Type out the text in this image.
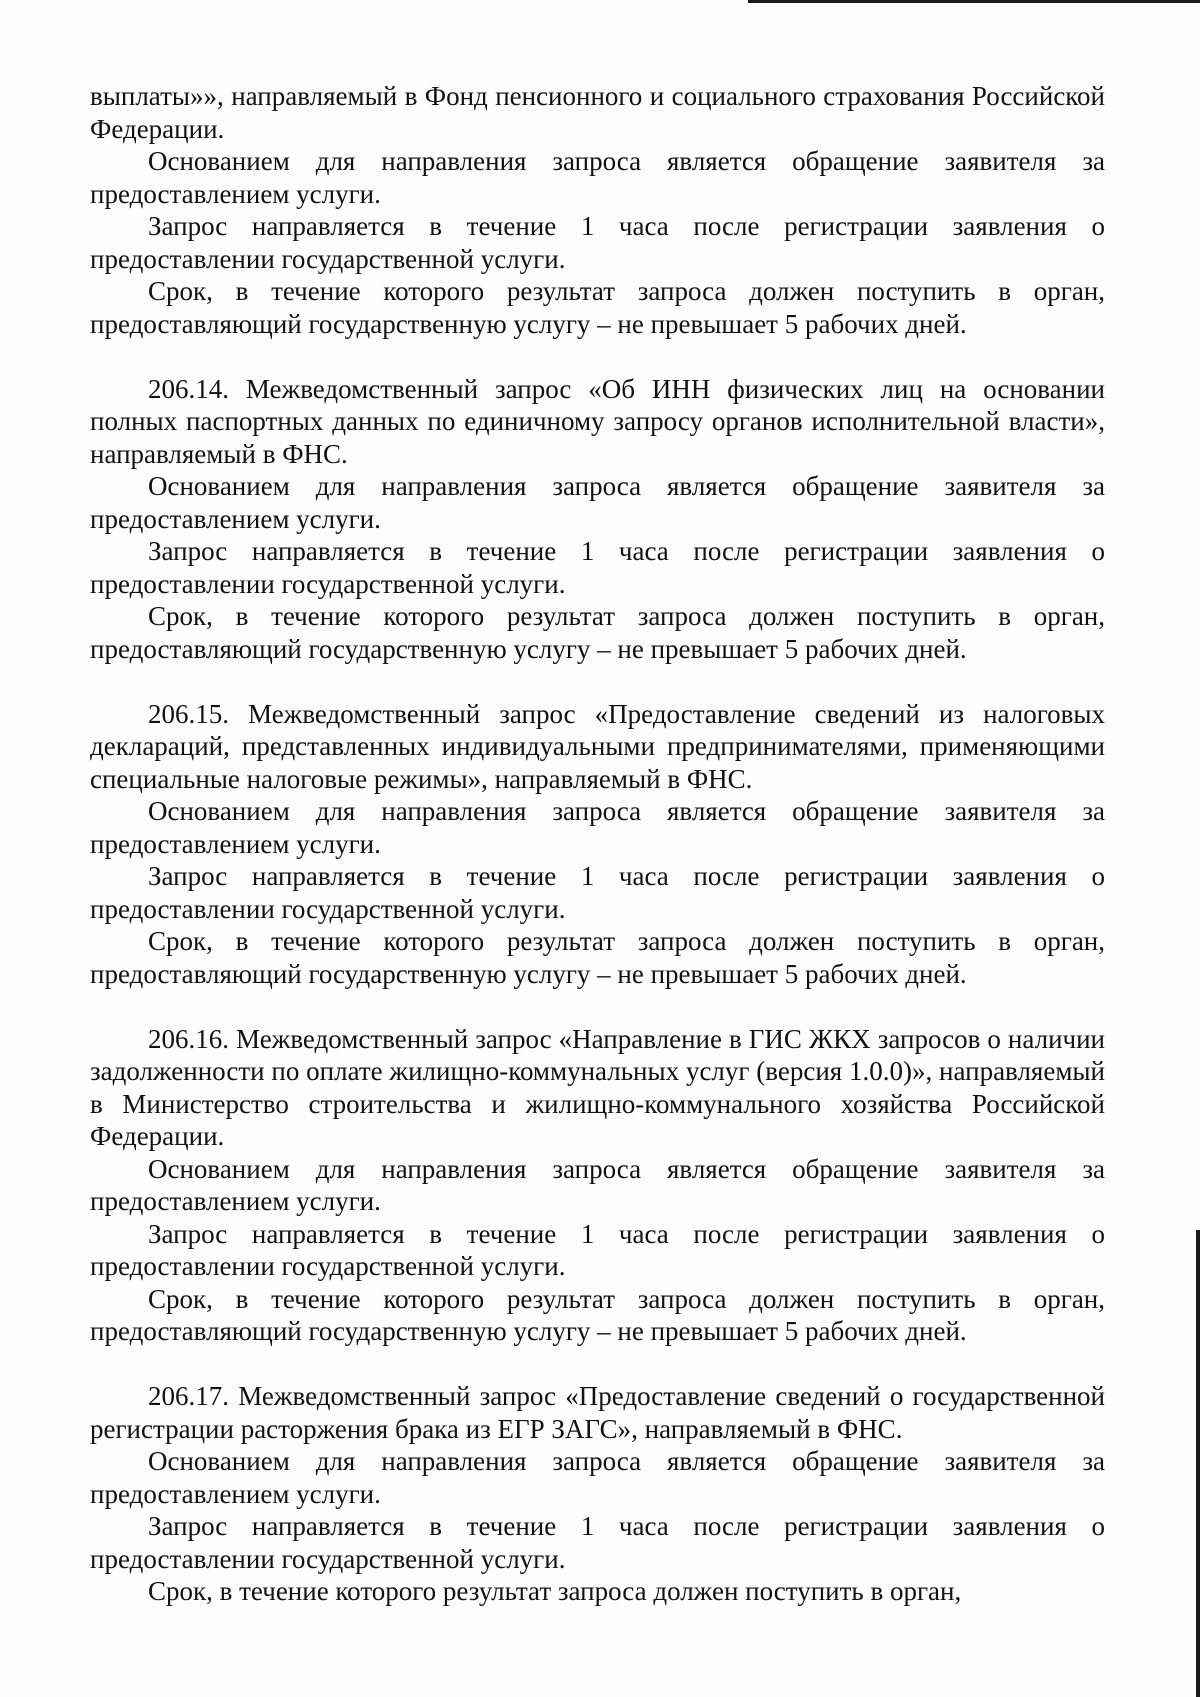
выплаты»», направляемый в Фонд пенсионного и социального страхования Российской Федерации.

Основанием для направления запроса является обращение заявителя за предоставлением услуги.

Запрос направляется в течение 1 часа после регистрации заявления о предоставлении государственной услуги.

Срок, в течение которого результат запроса должен поступить в орган, предоставляющий государственную услугу – не превышает 5 рабочих дней.

206.14. Межведомственный запрос «Об ИНН физических лиц на основании полных паспортных данных по единичному запросу органов исполнительной власти», направляемый в ФНС.

Основанием для направления запроса является обращение заявителя за предоставлением услуги.

Запрос направляется в течение 1 часа после регистрации заявления о предоставлении государственной услуги.

Срок, в течение которого результат запроса должен поступить в орган, предоставляющий государственную услугу – не превышает 5 рабочих дней.

206.15. Межведомственный запрос «Предоставление сведений из налоговых деклараций, представленных индивидуальными предпринимателями, применяющими специальные налоговые режимы», направляемый в ФНС.

Основанием для направления запроса является обращение заявителя за предоставлением услуги.

Запрос направляется в течение 1 часа после регистрации заявления о предоставлении государственной услуги.

Срок, в течение которого результат запроса должен поступить в орган, предоставляющий государственную услугу – не превышает 5 рабочих дней.

206.16. Межведомственный запрос «Направление в ГИС ЖКХ запросов о наличии задолженности по оплате жилищно-коммунальных услуг (версия 1.0.0)», направляемый в Министерство строительства и жилищно-коммунального хозяйства Российской Федерации.

Основанием для направления запроса является обращение заявителя за предоставлением услуги.

Запрос направляется в течение 1 часа после регистрации заявления о предоставлении государственной услуги.

Срок, в течение которого результат запроса должен поступить в орган, предоставляющий государственную услугу – не превышает 5 рабочих дней.

206.17. Межведомственный запрос «Предоставление сведений о государственной регистрации расторжения брака из ЕГР ЗАГС», направляемый в ФНС.

Основанием для направления запроса является обращение заявителя за предоставлением услуги.

Запрос направляется в течение 1 часа после регистрации заявления о предоставлении государственной услуги.

Срок, в течение которого результат запроса должен поступить в орган,
